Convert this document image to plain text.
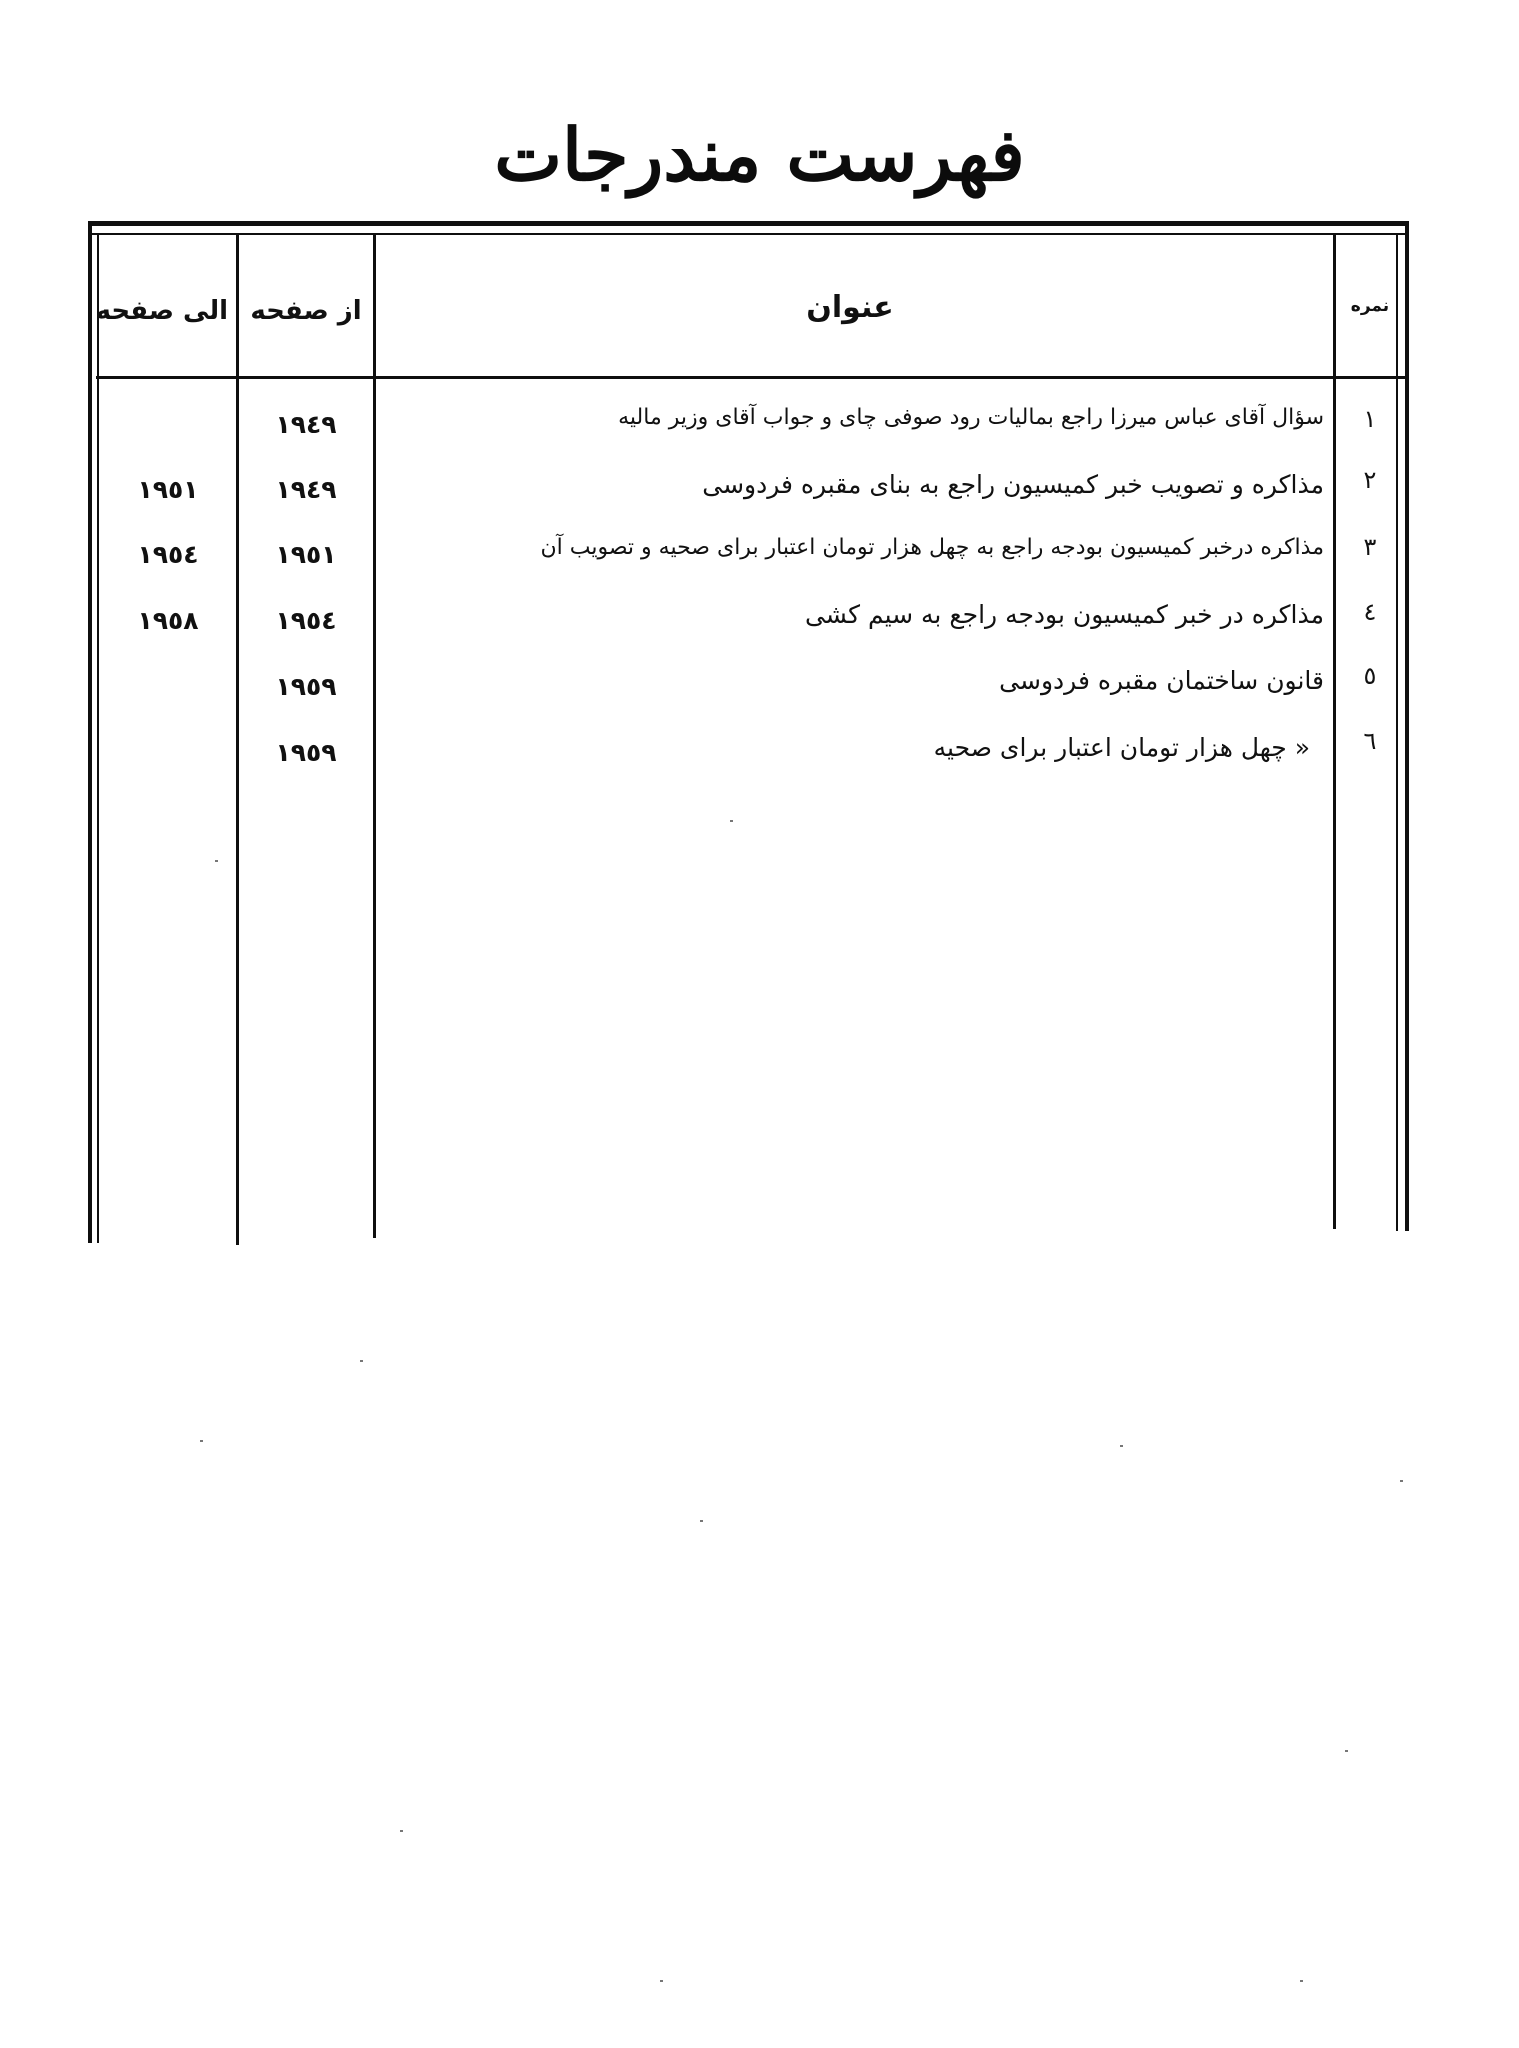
فهرست مندرجات
الی صفحه از صفحه	عنوان	نمره
١
سؤال آقای عباس میرزا راجع بمالیات رود صوفی چای و جواب آقای وزیر مالیه
١٩٤٩
٢
مذاکره و تصویب خبر کمیسیون راجع به بنای مقبره فردوسی
١٩٤٩
١٩٥١
٣
مذاکره درخبر کمیسیون بودجه راجع به چهل هزار تومان اعتبار برای صحیه و تصویب آن
١٩٥١
١٩٥٤
٤
مذاکره در خبر کمیسیون بودجه راجع به سیم کشی
١٩٥٤
١٩٥٨
٥
قانون ساختمان مقبره فردوسی
١٩٥٩
٦
« چهل هزار تومان اعتبار برای صحیه
١٩٥٩
